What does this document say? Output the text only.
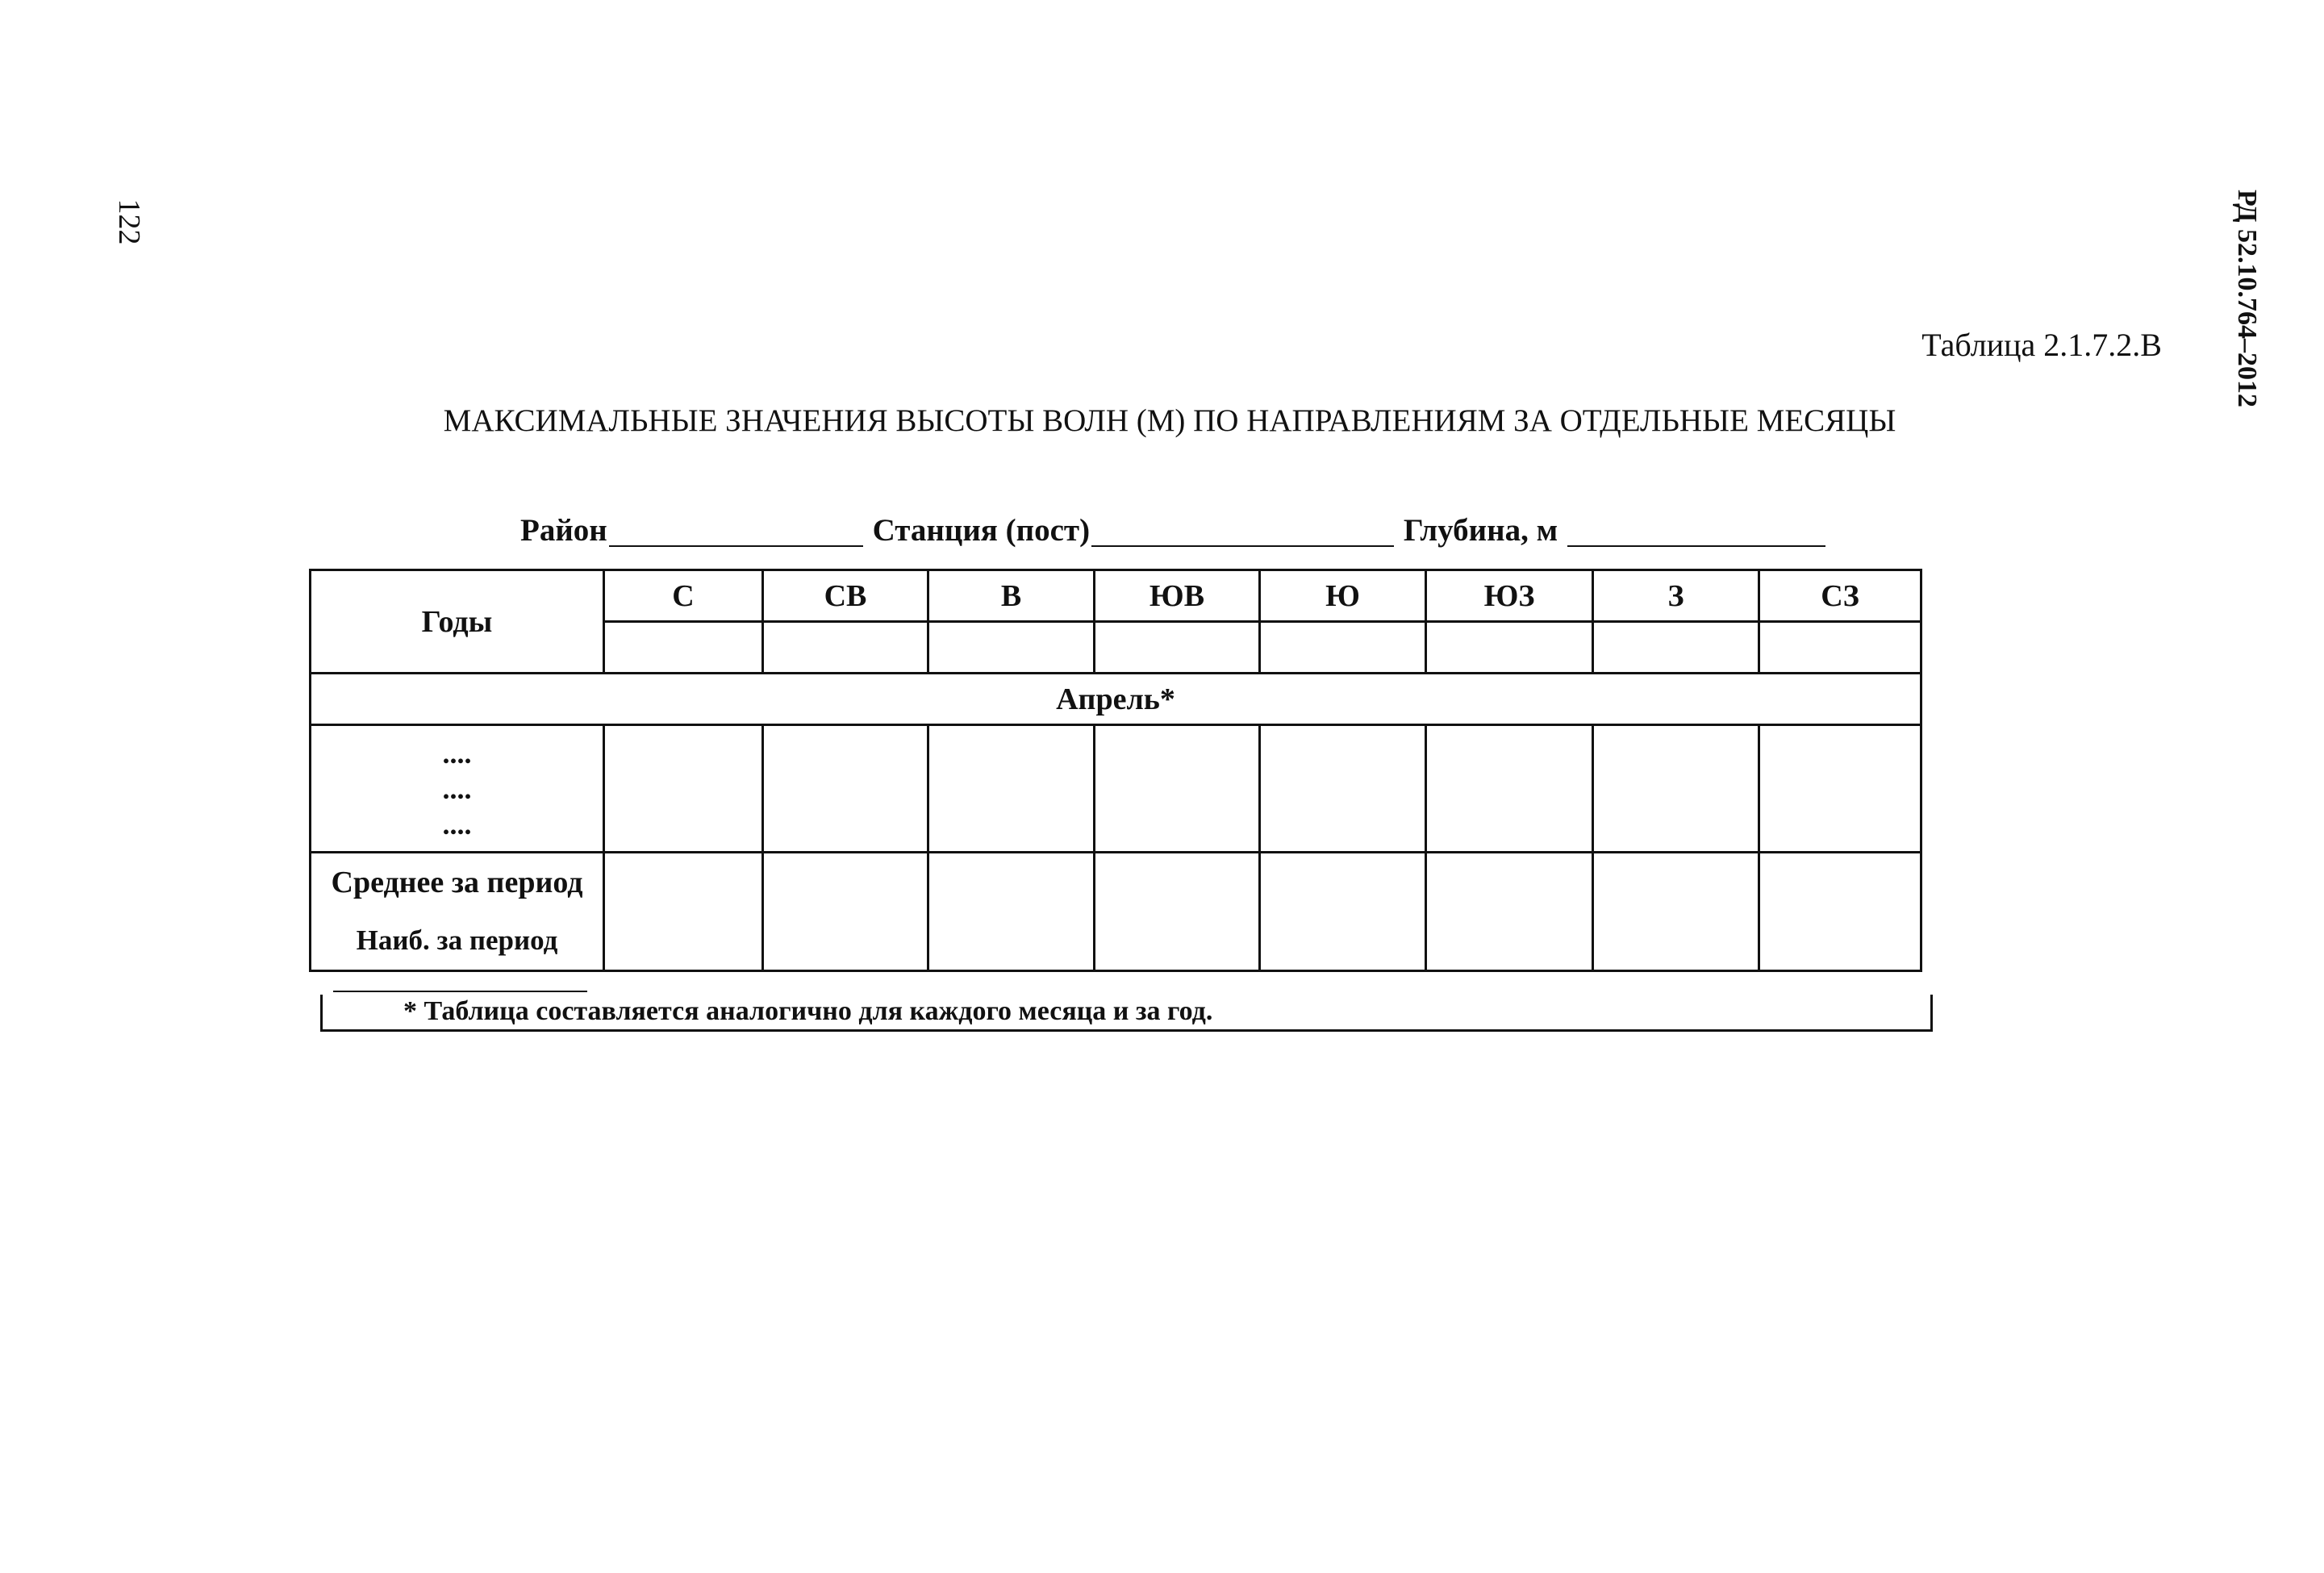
122	РД 52.10.764–2012
Таблица 2.1.7.2.В
МАКСИМАЛЬНЫЕ ЗНАЧЕНИЯ ВЫСОТЫ ВОЛН (М) ПО НАПРАВЛЕНИЯМ ЗА ОТДЕЛЬНЫЕ МЕСЯЦЫ
Район	Станция (пост)	Глубина, м
Годы	С	СВ	В	ЮВ	Ю	ЮЗ	З	СЗ

Апрель*								

....
....
....								

Среднее за период
Наиб. за период								

* Таблица составляется аналогично для каждого месяца и за год.
